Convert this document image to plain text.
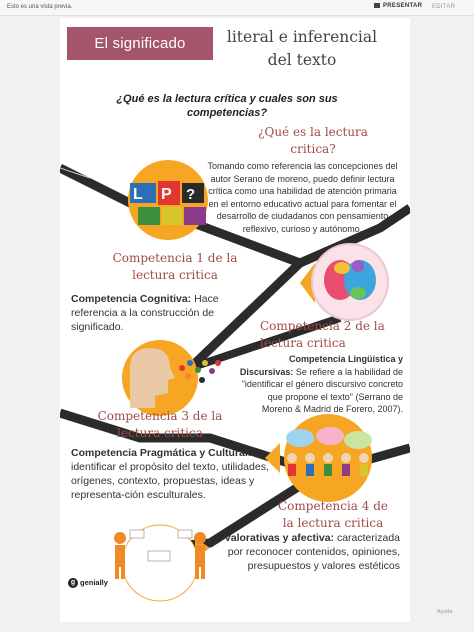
Esto es una vista previa.	PRESENTAR EDITAR
L P ?
El significado	literal e inferencial
del texto
¿Qué es la lectura crítica y cuales son sus competencias?
¿Qué es la lectura
critica?
Tomando como referencia las concepciones del autor Serano de moreno, puedo definir lectura crítica como una habilidad de atención primaria en el entorno educativo actual para fomentar el desarrollo de ciudadanos con pensamiento reflexivo, curioso y autónomo.
Competencia 1 de la
lectura critica
Competencia Cognitiva: Hace referencia a la construcción de significado.	Competencia 2 de la
lectura critica
Competencia Lingüística y Discursivas: Se refiere a la habilidad de "identificar el género discursivo concreto que propone el texto" (Serrano de Moreno & Madrid de Forero, 2007).
Competencia 3 de la
lectura critica
Competencia Pragmática y Cultural: identificar el propósito del texto, utilidades, orígenes, contexto, propuestas, ideas y representa-ción esculturales.
Competencia 4 de
la lectura critica
Valorativas y afectiva: caracterizada por reconocer contenidos, opiniones, presupuestos y valores estéticos
g genially
Ayuda
